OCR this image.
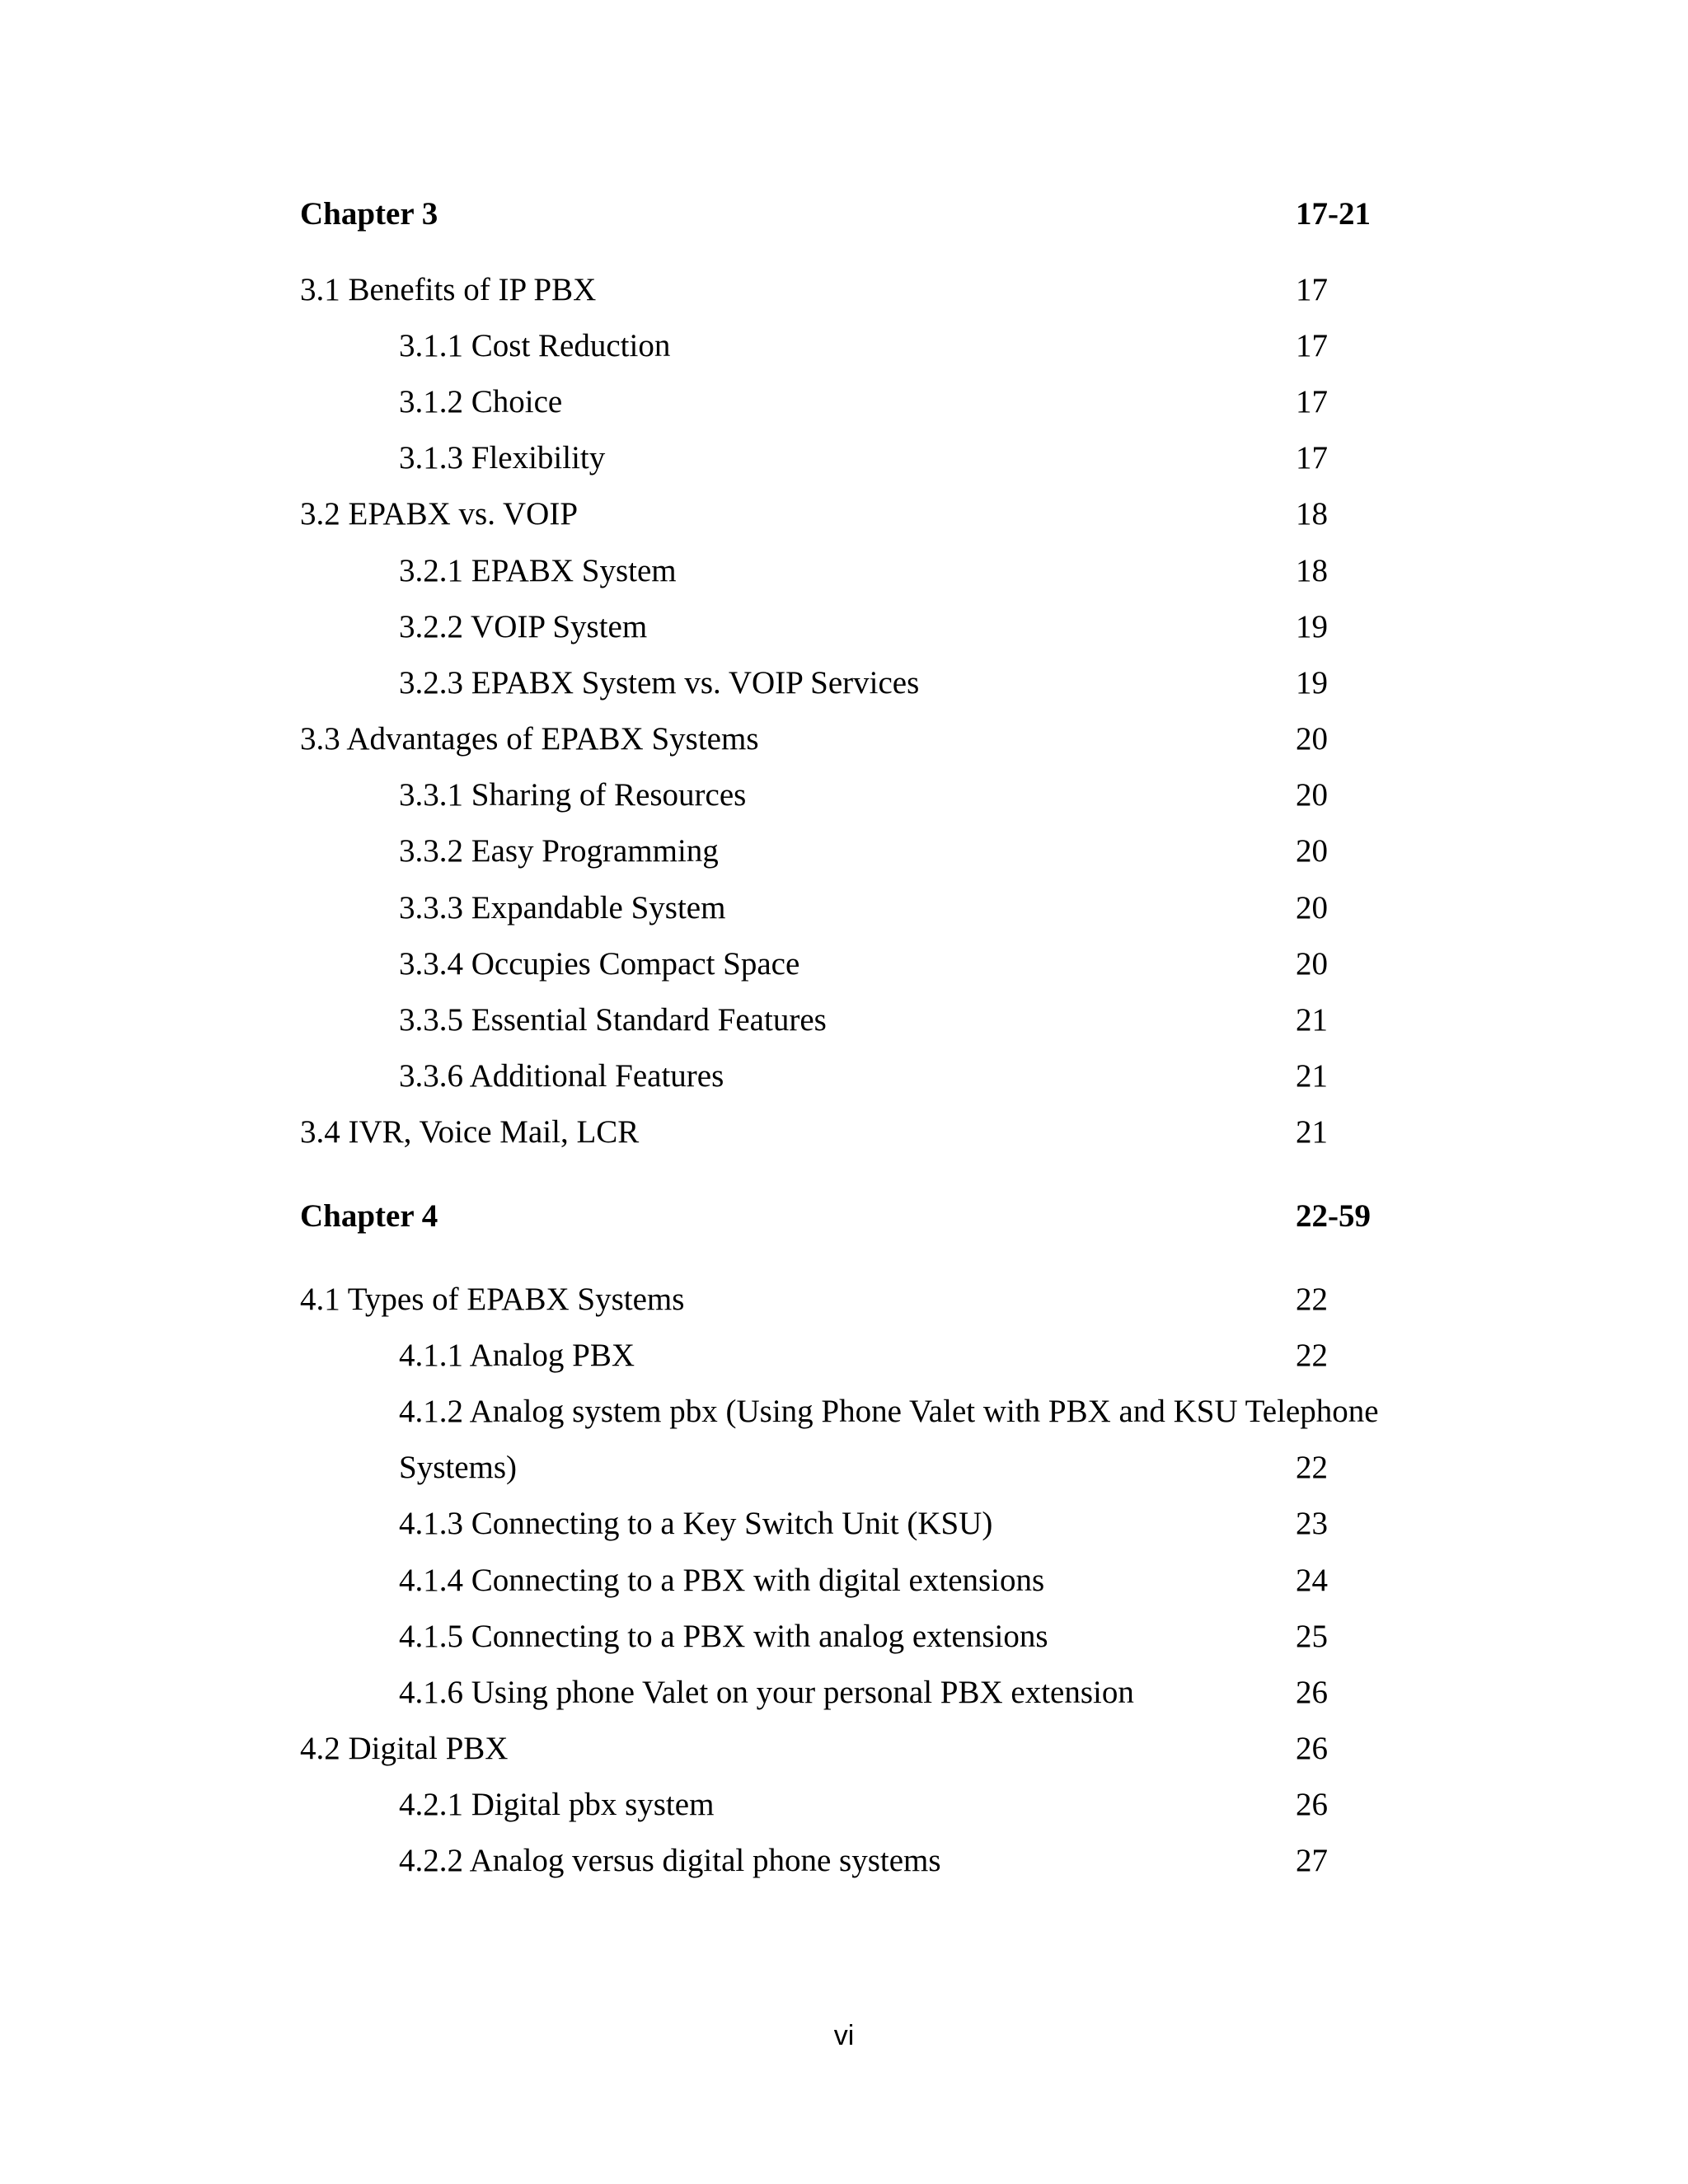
Chapter 3	17-21
3.1 Benefits of IP PBX	17
3.1.1 Cost Reduction	17
3.1.2 Choice	17
3.1.3 Flexibility	17
3.2 EPABX vs. VOIP	18
3.2.1 EPABX System	18
3.2.2 VOIP System	19
3.2.3 EPABX System vs. VOIP Services	19
3.3 Advantages of EPABX Systems	20
3.3.1 Sharing of Resources	20
3.3.2 Easy Programming	20
3.3.3 Expandable System	20
3.3.4 Occupies Compact Space	20
3.3.5 Essential Standard Features	21
3.3.6 Additional Features	21
3.4 IVR, Voice Mail, LCR	21
Chapter 4	22-59
4.1 Types of EPABX Systems	22
4.1.1 Analog PBX	22
4.1.2 Analog system pbx (Using Phone Valet with PBX and KSU Telephone
Systems)	22
4.1.3 Connecting to a Key Switch Unit (KSU)	23
4.1.4 Connecting to a PBX with digital extensions	24
4.1.5 Connecting to a PBX with analog extensions	25
4.1.6 Using phone Valet on your personal PBX extension	26
4.2 Digital PBX	26
4.2.1 Digital pbx system	26
4.2.2 Analog versus digital phone systems	27
vi
